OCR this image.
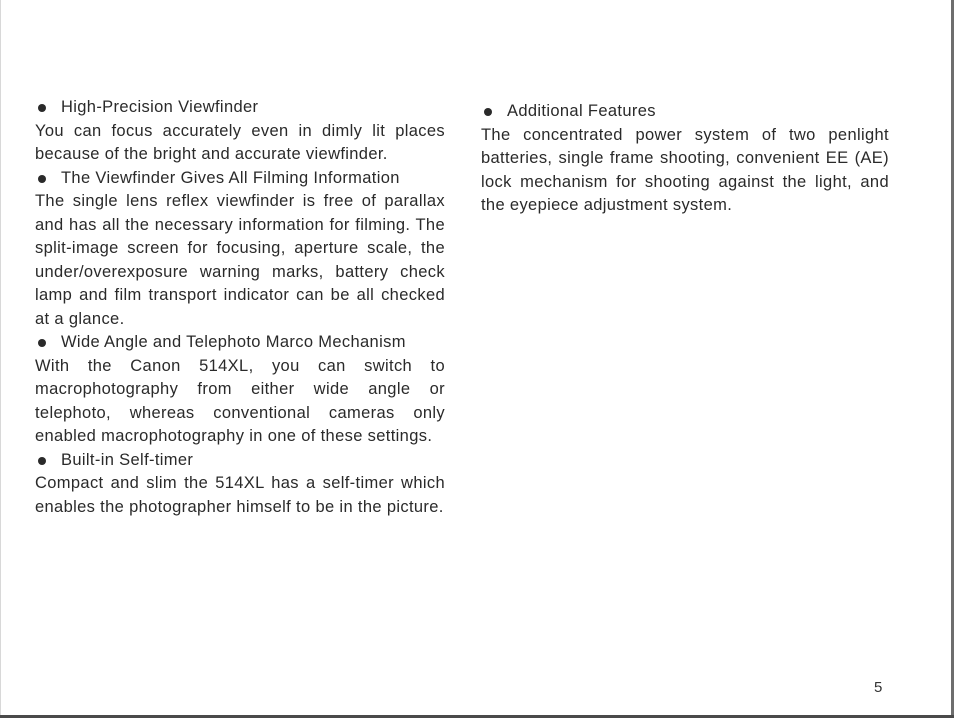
High-Precision Viewfinder

You can focus accurately even in dimly lit places because of the bright and accurate viewfinder.

The Viewfinder Gives All Filming Information

The single lens reflex viewfinder is free of parallax and has all the necessary information for filming. The split-image screen for focusing, aperture scale, the under/overexposure warning marks, battery check lamp and film transport indicator can be all checked at a glance.

Wide Angle and Telephoto Marco Mechanism

With the Canon 514XL, you can switch to macrophotography from either wide angle or telephoto, whereas conventional cameras only enabled macrophotography in one of these settings.

Built-in Self-timer

Compact and slim the 514XL has a self-timer which enables the photographer himself to be in the picture.

Additional Features

The concentrated power system of two penlight batteries, single frame shooting, convenient EE (AE) lock mechanism for shooting against the light, and the eyepiece adjustment system.

5
